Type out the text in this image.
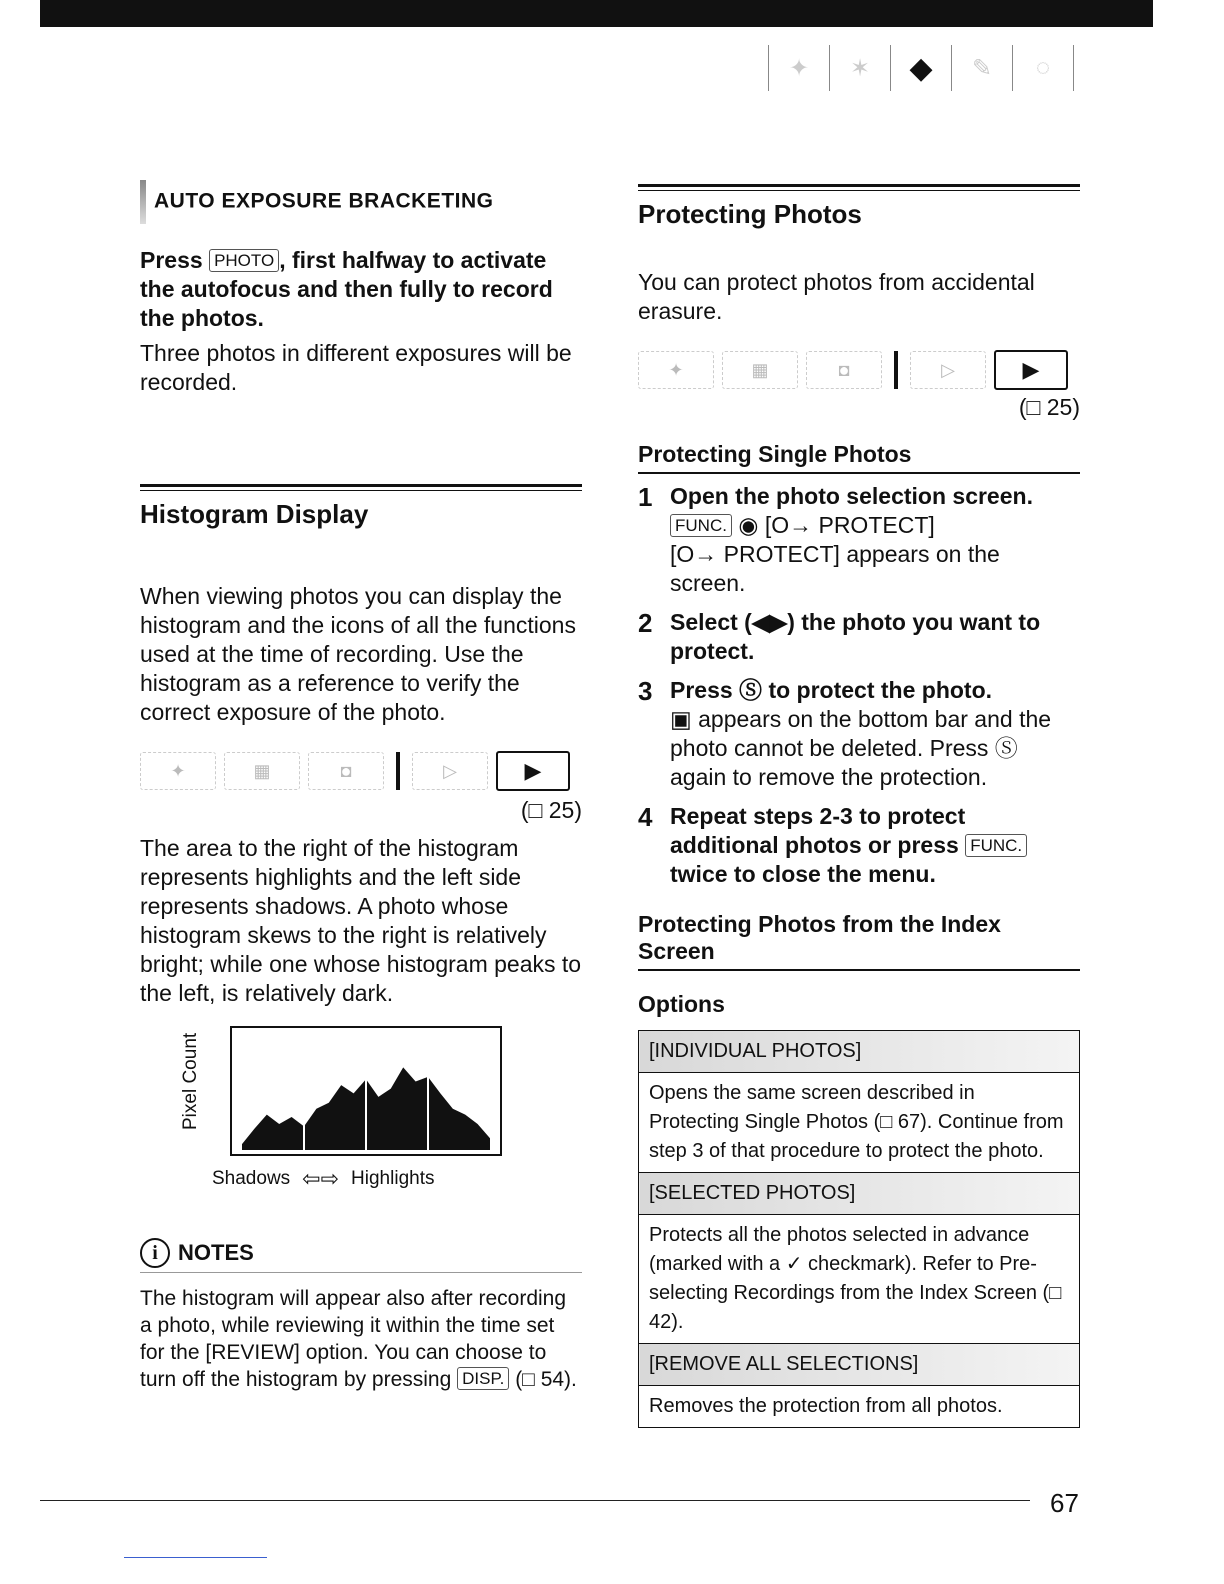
✦	✶	◆	✎	◌
AUTO EXPOSURE BRACKETING
Press PHOTO , first halfway to activate the autofocus and then fully to record the photos.
Three photos in different exposures will be recorded.
Histogram Display
When viewing photos you can display the histogram and the icons of all the functions used at the time of recording. Use the histogram as a reference to verify the correct exposure of the photo.
✦	▦	◘	▷	▶
(□ 25)
The area to the right of the histogram represents highlights and the left side represents shadows. A photo whose histogram skews to the right is relatively bright; while one whose histogram peaks to the left, is relatively dark.
Pixel Count
Shadows ⇦⇨ Highlights
i NOTES
The histogram will appear also after recording a photo, while reviewing it within the time set for the [REVIEW] option. You can choose to turn off the histogram by pressing DISP. (□ 54).
Protecting Photos
You can protect photos from accidental erasure.
✦	▦	◘	▷	▶
(□ 25)
Protecting Single Photos
1 Open the photo selection screen.
FUNC. ◉ [O→ PROTECT]
[O→ PROTECT] appears on the screen.
2 Select (◀▶) the photo you want to protect.
3 Press Ⓢ to protect the photo.
▣ appears on the bottom bar and the photo cannot be deleted. Press Ⓢ again to remove the protection.
4 Repeat steps 2-3 to protect additional photos or press FUNC. twice to close the menu.
Protecting Photos from the Index Screen
Options
[INDIVIDUAL PHOTOS]
Opens the same screen described in Protecting Single Photos (□ 67). Continue from step 3 of that procedure to protect the photo.
[SELECTED PHOTOS]
Protects all the photos selected in advance (marked with a ✓ checkmark). Refer to Pre-selecting Recordings from the Index Screen (□ 42).
[REMOVE ALL SELECTIONS]
Removes the protection from all photos.
67
